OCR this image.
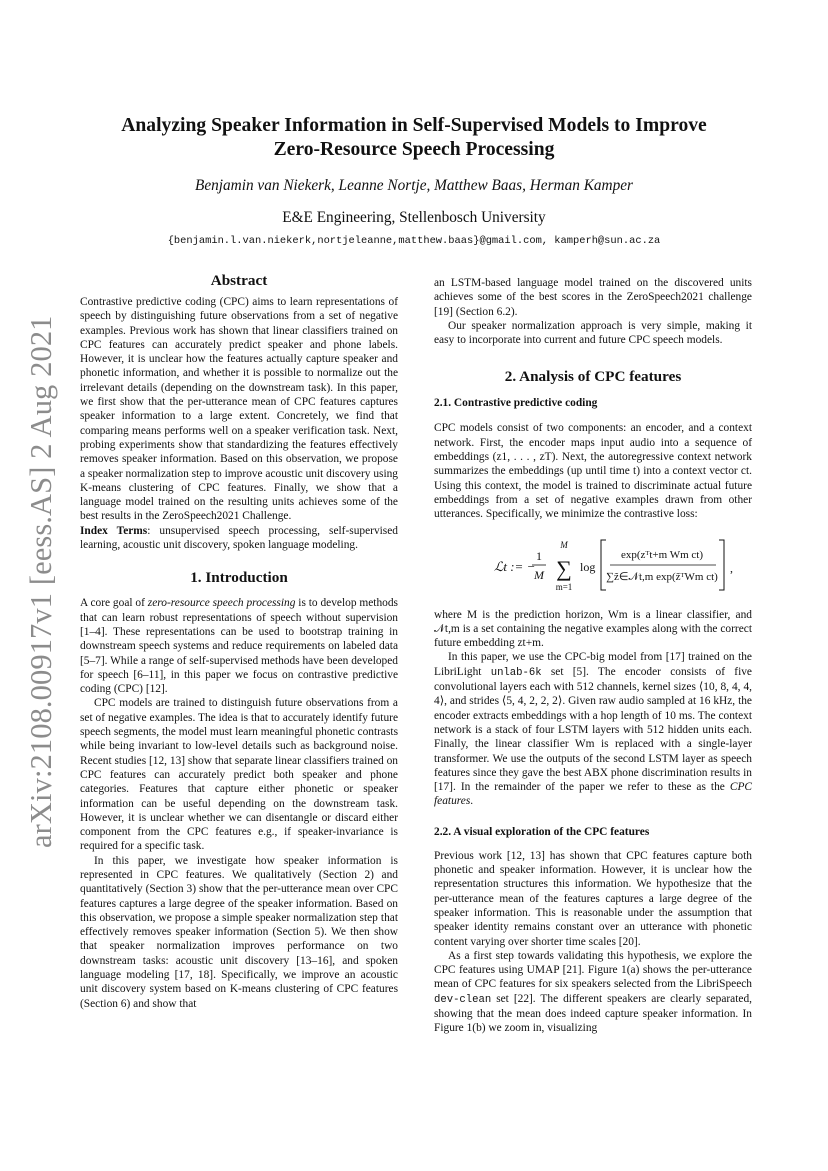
arXiv:2108.00917v1 [eess.AS] 2 Aug 2021
Analyzing Speaker Information in Self-Supervised Models to Improve
Zero-Resource Speech Processing
Benjamin van Niekerk, Leanne Nortje, Matthew Baas, Herman Kamper
E&E Engineering, Stellenbosch University
{benjamin.l.van.niekerk,nortjeleanne,matthew.baas}@gmail.com, kamperh@sun.ac.za
Abstract

Contrastive predictive coding (CPC) aims to learn representations of speech by distinguishing future observations from a set of negative examples. Previous work has shown that linear classifiers trained on CPC features can accurately predict speaker and phone labels. However, it is unclear how the features actually capture speaker and phonetic information, and whether it is possible to normalize out the irrelevant details (depending on the downstream task). In this paper, we first show that the per-utterance mean of CPC features captures speaker information to a large extent. Concretely, we find that comparing means performs well on a speaker verification task. Next, probing experiments show that standardizing the features effectively removes speaker information. Based on this observation, we propose a speaker normalization step to improve acoustic unit discovery using K-means clustering of CPC features. Finally, we show that a language model trained on the resulting units achieves some of the best results in the ZeroSpeech2021 Challenge.

Index Terms: unsupervised speech processing, self-supervised learning, acoustic unit discovery, spoken language modeling.

1. Introduction

A core goal of zero-resource speech processing is to develop methods that can learn robust representations of speech without supervision [1–4]. These representations can be used to bootstrap training in downstream speech systems and reduce requirements on labeled data [5–7]. While a range of self-supervised methods have been developed for speech [6–11], in this paper we focus on contrastive predictive coding (CPC) [12].

CPC models are trained to distinguish future observations from a set of negative examples. The idea is that to accurately identify future speech segments, the model must learn meaningful phonetic contrasts while being invariant to low-level details such as background noise. Recent studies [12, 13] show that separate linear classifiers trained on CPC features can accurately predict both speaker and phone categories. Features that capture either phonetic or speaker information can be useful depending on the downstream task. However, it is unclear whether we can disentangle or discard either component from the CPC features e.g., if speaker-invariance is required for a specific task.

In this paper, we investigate how speaker information is represented in CPC features. We qualitatively (Section 2) and quantitatively (Section 3) show that the per-utterance mean over CPC features captures a large degree of the speaker information. Based on this observation, we propose a simple speaker normalization step that effectively removes speaker information (Section 5). We then show that speaker normalization improves performance on two downstream tasks: acoustic unit discovery [13–16], and spoken language modeling [17, 18]. Specifically, we improve an acoustic unit discovery system based on K-means clustering of CPC features (Section 6) and show that

an LSTM-based language model trained on the discovered units achieves some of the best scores in the ZeroSpeech2021 challenge [19] (Section 6.2).

Our speaker normalization approach is very simple, making it easy to incorporate into current and future CPC speech models.

2. Analysis of CPC features
2.1. Contrastive predictive coding

CPC models consist of two components: an encoder, and a context network. First, the encoder maps input audio into a sequence of embeddings (z1, . . . , zT). Next, the autoregressive context network summarizes the embeddings (up until time t) into a context vector ct. Using this context, the model is trained to discriminate actual future embeddings from a set of negative examples drawn from other utterances. Specifically, we minimize the contrastive loss:

ℒt := −
1
M
M
∑
m=1
log
exp(zᵀt+m Wm ct)
∑z̃∈𝒩t,m exp(z̃ᵀWm ct)
,

where M is the prediction horizon, Wm is a linear classifier, and 𝒩t,m is a set containing the negative examples along with the correct future embedding zt+m.

In this paper, we use the CPC-big model from [17] trained on the LibriLight unlab-6k set [5]. The encoder consists of five convolutional layers each with 512 channels, kernel sizes ⟨10, 8, 4, 4, 4⟩, and strides ⟨5, 4, 2, 2, 2⟩. Given raw audio sampled at 16 kHz, the encoder extracts embeddings with a hop length of 10 ms. The context network is a stack of four LSTM layers with 512 hidden units each. Finally, the linear classifier Wm is replaced with a single-layer transformer. We use the outputs of the second LSTM layer as speech features since they gave the best ABX phone discrimination results in [17]. In the remainder of the paper we refer to these as the CPC features.

2.2. A visual exploration of the CPC features

Previous work [12, 13] has shown that CPC features capture both phonetic and speaker information. However, it is unclear how the representation structures this information. We hypothesize that the per-utterance mean of the features captures a large degree of the speaker information. This is reasonable under the assumption that speaker identity remains constant over an utterance with phonetic content varying over shorter time scales [20].

As a first step towards validating this hypothesis, we explore the CPC features using UMAP [21]. Figure 1(a) shows the per-utterance mean of CPC features for six speakers selected from the LibriSpeech dev-clean set [22]. The different speakers are clearly separated, showing that the mean does indeed capture speaker information. In Figure 1(b) we zoom in, visualizing
